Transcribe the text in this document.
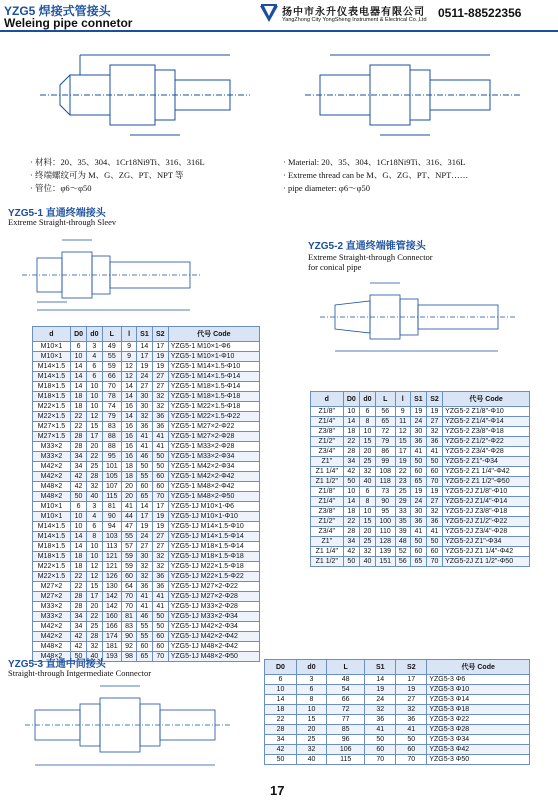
YZG5 焊接式管接头
Weleing pipe connetor
扬中市永升仪表电器有限公司
YangZhong City YongSheng Instrument & Electrical Co.,Ltd 0511-88522356
· 材料：20、35、304、1Cr18Ni9Ti、316、316L
· 终端螺纹可为 M、G、ZG、PT、NPT 等
· 管位：φ6～φ50
· Material: 20、35、304、1Cr18Ni9Ti、316、316L
· Extreme thread can be M、G、ZG、PT、NPT……
· pipe diameter: φ6～φ50
YZG5-1 直通终端接头
Extreme Straight-through Sleev
YZG5-2 直通终端锥管接头
Extreme Straight-through Connector
for conical pipe
d	D0	d0	L	l	S1	S2	代号 Code
M10×1	6	3	49	9	14	17	YZG5-1 M10×1-Φ6
M10×1	10	4	55	9	17	19	YZG5-1 M10×1-Φ10
M14×1.5	14	6	59	12	19	19	YZG5-1 M14×1.5-Φ10
M14×1.5	14	6	66	12	24	27	YZG5-1 M14×1.5-Φ14
M18×1.5	14	10	70	14	27	27	YZG5-1 M18×1.5-Φ14
M18×1.5	18	10	78	14	30	32	YZG5-1 M18×1.5-Φ18
M22×1.5	18	10	74	16	30	32	YZG5-1 M22×1.5-Φ18
M22×1.5	22	12	79	14	32	36	YZG5-1 M22×1.5-Φ22
M27×1.5	22	15	83	16	36	36	YZG5-1 M27×2-Φ22
M27×1.5	28	17	88	16	41	41	YZG5-1 M27×2-Φ28
M33×2	28	20	88	16	41	41	YZG5-1 M33×2-Φ28
M33×2	34	22	95	16	46	50	YZG5-1 M33×2-Φ34
M42×2	34	25	101	18	50	50	YZG5-1 M42×2-Φ34
M42×2	42	28	105	18	55	60	YZG5-1 M42×2-Φ42
M48×2	42	32	107	20	60	60	YZG5-1 M48×2-Φ42
M48×2	50	40	115	20	65	70	YZG5-1 M48×2-Φ50
M10×1	6	3	81	41	14	17	YZG5-1J M10×1-Φ6
M10×1	10	4	90	44	17	19	YZG5-1J M10×1-Φ10
M14×1.5	10	6	94	47	19	19	YZG5-1J M14×1.5-Φ10
M14×1.5	14	8	103	55	24	27	YZG5-1J M14×1.5-Φ14
M18×1.5	14	10	113	57	27	27	YZG5-1J M18×1.5-Φ14
M18×1.5	18	10	121	59	30	32	YZG5-1J M18×1.5-Φ18
M22×1.5	18	12	121	59	32	32	YZG5-1J M22×1.5-Φ18
M22×1.5	22	12	126	60	32	36	YZG5-1J M22×1.5-Φ22
M27×2	22	15	130	64	36	36	YZG5-1J M27×2-Φ22
M27×2	28	17	142	70	41	41	YZG5-1J M27×2-Φ28
M33×2	28	20	142	70	41	41	YZG5-1J M33×2-Φ28
M33×2	34	22	160	81	46	50	YZG5-1J M33×2-Φ34
M42×2	34	25	166	83	55	50	YZG5-1J M42×2-Φ34
M42×2	42	28	174	90	55	60	YZG5-1J M42×2-Φ42
M48×2	42	32	181	92	60	60	YZG5-1J M48×2-Φ42
M48×2	50	40	193	98	65	70	YZG5-1J M48×2-Φ50
d	D0	d0	L	l	S1	S2	代号 Code
Z1/8"	10	6	56	9	19	19	YZG5-2 Z1/8"-Φ10
Z1/4"	14	8	65	11	24	27	YZG5-2 Z1/4"-Φ14
Z3/8"	18	10	72	12	30	32	YZG5-2 Z3/8"-Φ18
Z1/2"	22	15	79	15	36	36	YZG5-2 Z1/2"-Φ22
Z3/4"	28	20	86	17	41	41	YZG5-2 Z3/4"-Φ28
Z1"	34	25	99	19	50	50	YZG5-2 Z1"-Φ34
Z1 1/4"	42	32	108	22	60	60	YZG5-2 Z1 1/4"-Φ42
Z1 1/2"	50	40	118	23	65	70	YZG5-2 Z1 1/2"-Φ50
Z1/8"	10	6	73	25	19	19	YZG5-2J Z1/8"-Φ10
Z1/4"	14	8	90	29	24	27	YZG5-2J Z1/4"-Φ14
Z3/8"	18	10	95	33	30	32	YZG5-2J Z3/8"-Φ18
Z1/2"	22	15	100	35	36	36	YZG5-2J Z1/2"-Φ22
Z3/4"	28	20	110	39	41	41	YZG5-2J Z3/4"-Φ28
Z1"	34	25	128	48	50	50	YZG5-2J Z1"-Φ34
Z1 1/4"	42	32	139	52	60	60	YZG5-2J Z1 1/4"-Φ42
Z1 1/2"	50	40	151	56	65	70	YZG5-2J Z1 1/2"-Φ50
YZG5-3 直通中间接头
Straight-through Intgermediate Connector
D0	d0	L	S1	S2	代号 Code
6	3	48	14	17	YZG5-3 Φ6
10	6	54	19	19	YZG5-3 Φ10
14	8	66	24	27	YZG5-3 Φ14
18	10	72	32	32	YZG5-3 Φ18
22	15	77	36	36	YZG5-3 Φ22
28	20	85	41	41	YZG5-3 Φ28
34	25	96	50	50	YZG5-3 Φ34
42	32	106	60	60	YZG5-3 Φ42
50	40	115	70	70	YZG5-3 Φ50
17
